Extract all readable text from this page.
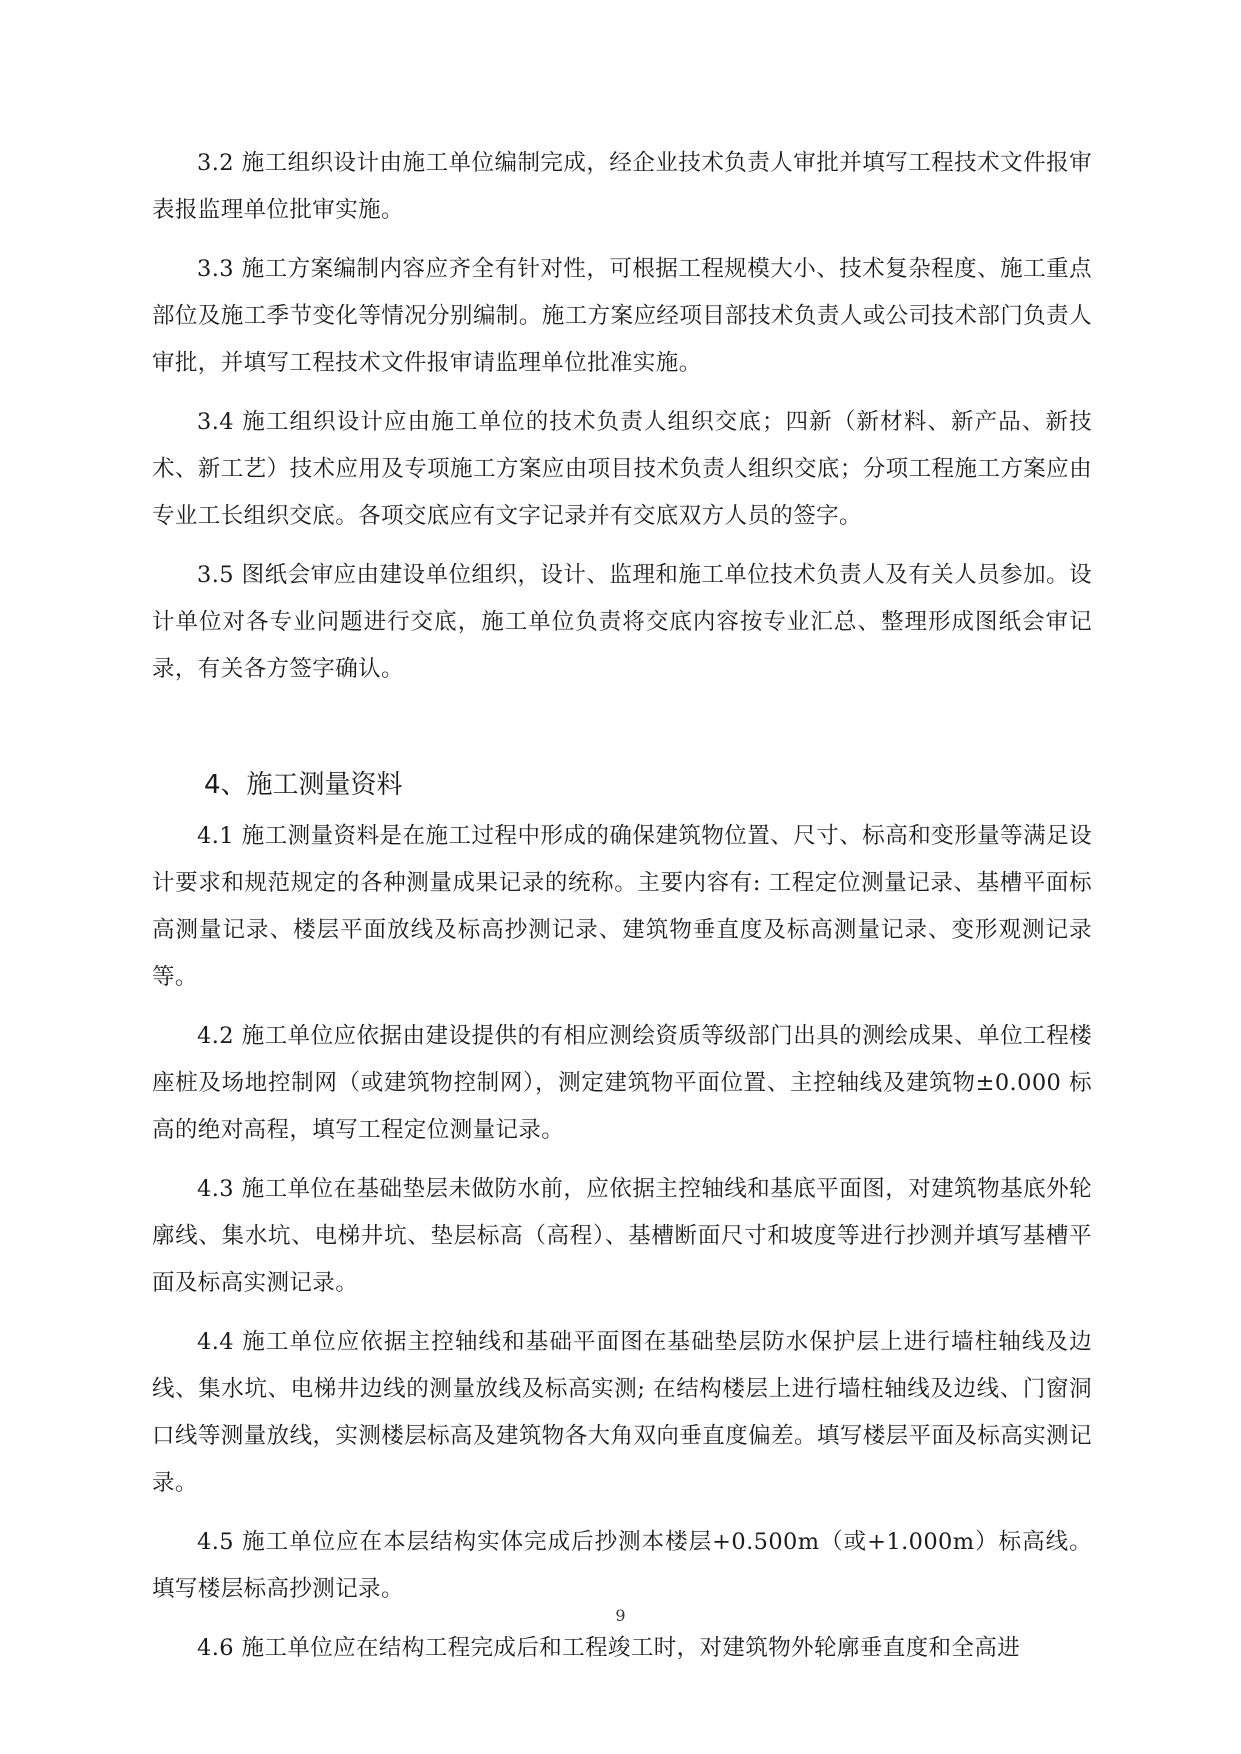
3.2 施工组织设计由施工单位编制完成，经企业技术负责人审批并填写工程技术文件报审表报监理单位批审实施。

3.3 施工方案编制内容应齐全有针对性，可根据工程规模大小、技术复杂程度、施工重点部位及施工季节变化等情况分别编制。施工方案应经项目部技术负责人或公司技术部门负责人审批，并填写工程技术文件报审请监理单位批准实施。

3.4 施工组织设计应由施工单位的技术负责人组织交底；四新（新材料、新产品、新技术、新工艺）技术应用及专项施工方案应由项目技术负责人组织交底；分项工程施工方案应由专业工长组织交底。各项交底应有文字记录并有交底双方人员的签字。

3.5 图纸会审应由建设单位组织，设计、监理和施工单位技术负责人及有关人员参加。设计单位对各专业问题进行交底，施工单位负责将交底内容按专业汇总、整理形成图纸会审记录，有关各方签字确认。

4、施工测量资料

4.1 施工测量资料是在施工过程中形成的确保建筑物位置、尺寸、标高和变形量等满足设计要求和规范规定的各种测量成果记录的统称。主要内容有: 工程定位测量记录、基槽平面标高测量记录、楼层平面放线及标高抄测记录、建筑物垂直度及标高测量记录、变形观测记录等。

4.2 施工单位应依据由建设提供的有相应测绘资质等级部门出具的测绘成果、单位工程楼座桩及场地控制网（或建筑物控制网），测定建筑物平面位置、主控轴线及建筑物±0.000 标高的绝对高程，填写工程定位测量记录。

4.3 施工单位在基础垫层未做防水前，应依据主控轴线和基底平面图，对建筑物基底外轮廓线、集水坑、电梯井坑、垫层标高（高程）、基槽断面尺寸和坡度等进行抄测并填写基槽平面及标高实测记录。

4.4 施工单位应依据主控轴线和基础平面图在基础垫层防水保护层上进行墙柱轴线及边线、集水坑、电梯井边线的测量放线及标高实测; 在结构楼层上进行墙柱轴线及边线、门窗洞口线等测量放线，实测楼层标高及建筑物各大角双向垂直度偏差。填写楼层平面及标高实测记录。

4.5 施工单位应在本层结构实体完成后抄测本楼层+0.500m（或+1.000m）标高线。填写楼层标高抄测记录。

4.6 施工单位应在结构工程完成后和工程竣工时，对建筑物外轮廓垂直度和全高进

9
